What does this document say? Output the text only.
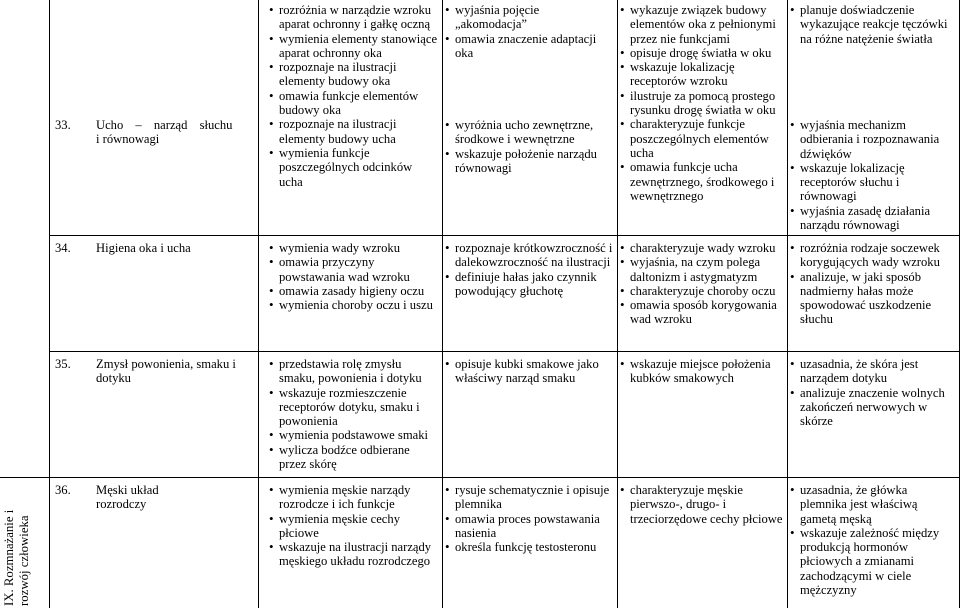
IX. Rozmnażanie i rozwój człowieka
33. Ucho – narząd słuchu
i równowagi
• rozróżnia w narządzie wzroku aparat ochronny i gałkę oczną
• wymienia elementy stanowiące aparat ochronny oka
• rozpoznaje na ilustracji elementy budowy oka
• omawia funkcje elementów budowy oka
• rozpoznaje na ilustracji elementy budowy ucha
• wymienia funkcje poszczególnych odcinków ucha
• wyjaśnia pojęcie „akomodacja”
• omawia znaczenie adaptacji oka
• wyróżnia ucho zewnętrzne, środkowe i wewnętrzne
• wskazuje położenie narządu równowagi
• wykazuje związek budowy elementów oka z pełnionymi przez nie funkcjami
• opisuje drogę światła w oku
• wskazuje lokalizację receptorów wzroku
• ilustruje za pomocą prostego rysunku drogę światła w oku
• charakteryzuje funkcje poszczególnych elementów ucha
• omawia funkcje ucha zewnętrznego, środkowego i wewnętrznego
• planuje doświadczenie wykazujące reakcje tęczówki na różne natężenie światła
• wyjaśnia mechanizm odbierania i rozpoznawania dźwięków
• wskazuje lokalizację receptorów słuchu i równowagi
• wyjaśnia zasadę działania narządu równowagi
34. Higiena oka i ucha
•	wymienia wady wzroku
• omawia przyczyny powstawania wad wzroku
• omawia zasady higieny oczu
• wymienia choroby oczu i uszu
• rozpoznaje krótkowzroczność i dalekowzroczność na ilustracji
• definiuje hałas jako czynnik powodujący głuchotę
• charakteryzuje wady wzroku
• wyjaśnia, na czym polega daltonizm i astygmatyzm
• charakteryzuje choroby oczu
• omawia sposób korygowania wad wzroku
• rozróżnia rodzaje soczewek korygujących wady wzroku
• analizuje, w jaki sposób nadmierny hałas może spowodować uszkodzenie słuchu
35. Zmysł powonienia, smaku i
dotyku
• przedstawia rolę zmysłu smaku, powonienia i dotyku
• wskazuje rozmieszczenie receptorów dotyku, smaku i powonienia
• wymienia podstawowe smaki
• wylicza bodźce odbierane przez skórę
• opisuje kubki smakowe jako właściwy narząd smaku
• wskazuje miejsce położenia kubków smakowych
• uzasadnia, że skóra jest narządem dotyku
• analizuje znaczenie wolnych zakończeń nerwowych w skórze
36. Męski układ
rozrodczy
• wymienia męskie narządy rozrodcze i ich funkcje
• wymienia męskie cechy płciowe
• wskazuje na ilustracji narządy męskiego układu rozrodczego
• rysuje schematycznie i opisuje plemnika
• omawia proces powstawania nasienia
• określa funkcję testosteronu
• charakteryzuje męskie pierwszo-, drugo- i trzeciorzędowe cechy płciowe
• uzasadnia, że główka plemnika jest właściwą gametą męską
• wskazuje zależność między produkcją hormonów płciowych a zmianami zachodzącymi w ciele mężczyzny
